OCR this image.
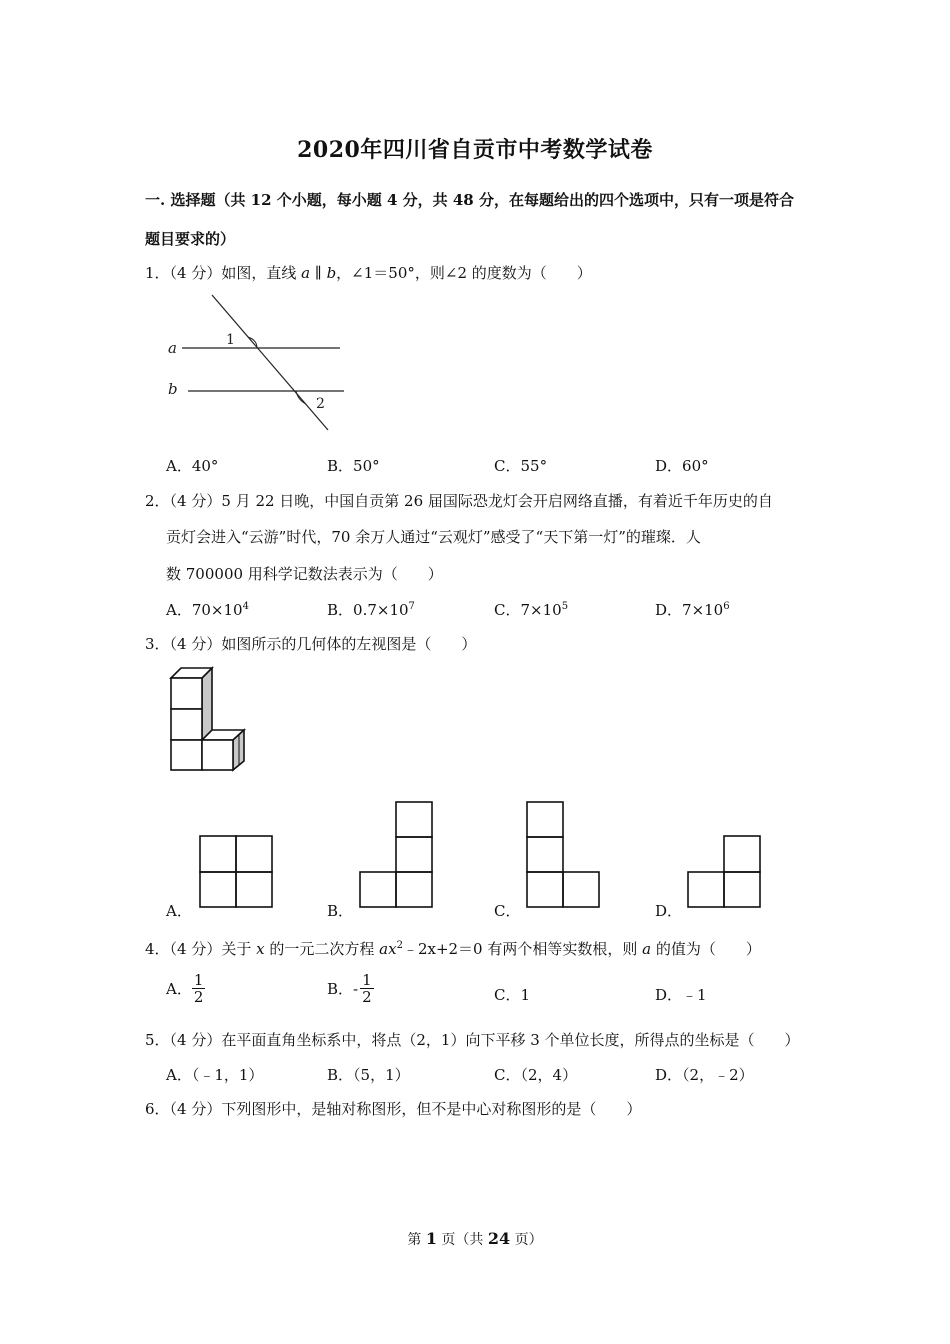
2020年四川省自贡市中考数学试卷
一. 选择题（共 12 个小题，每小题 4 分，共 48 分，在每题给出的四个选项中，只有一项是符合
题目要求的）
1．（4 分）如图，直线 a ∥ b，∠1＝50°，则∠2 的度数为（　　）
a
b
1
2
A．40°	B．50°	C．55°	D．60°
2．（4 分）5 月 22 日晚，中国自贡第 26 届国际恐龙灯会开启网络直播，有着近千年历史的自
贡灯会进入“云游”时代，70 余万人通过“云观灯”感受了“天下第一灯”的璀璨．人
数 700000 用科学记数法表示为（　　）
A．$70\times 10^4$	B．$0.7\times 10^7$	C．$7\times 10^5$	D．$7\times 10^6$
3．（4 分）如图所示的几何体的左视图是（　　）
A．	B．	C．	D．
4．（4 分）关于 x 的一元二次方程 $ax^2﹣2x+2=0$ 有两个相等实数根，则 a 的值为（　　）
A． $\frac{1}{2}$	B．- $\frac{1}{2}$	C．1	D．﹣1
5．（4 分）在平面直角坐标系中，将点（2，1）向下平移 3 个单位长度，所得点的坐标是（　　）
A．（﹣1，1）	B．（5，1）	C．（2，4）	D．（2，﹣2）
6．（4 分）下列图形中，是轴对称图形，但不是中心对称图形的是（　　）
第 1 页（共 24 页）
